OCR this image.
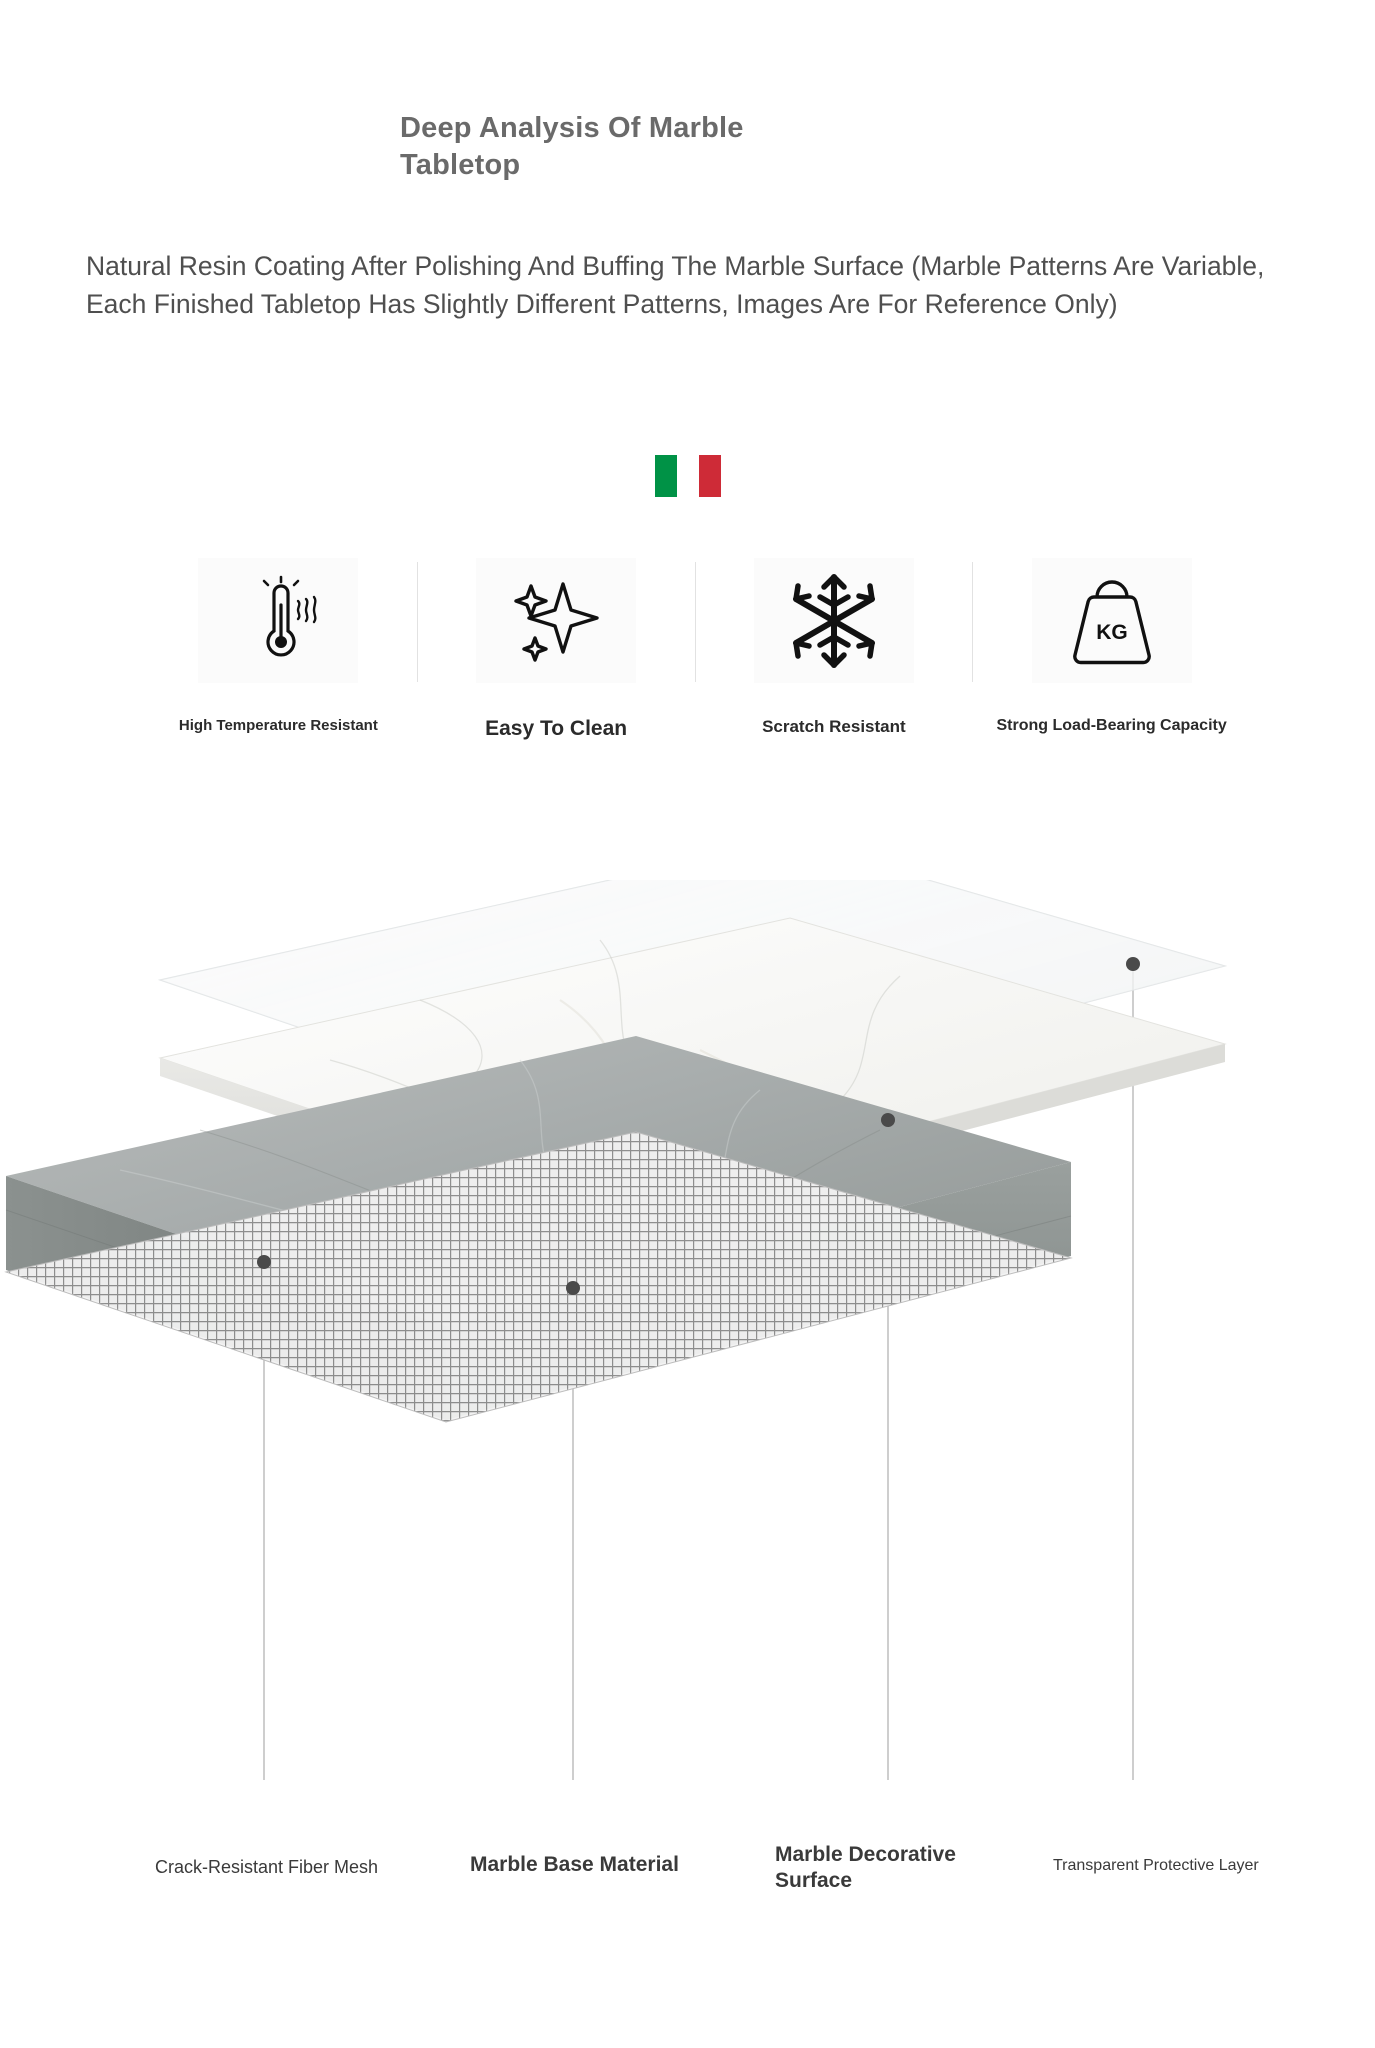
Deep Analysis Of Marble Tabletop
Natural Resin Coating After Polishing And Buffing The Marble Surface (Marble Patterns Are Variable, Each Finished Tabletop Has Slightly Different Patterns, Images Are For Reference Only)
High Temperature Resistant	Easy To Clean	Scratch Resistant
KG
Strong Load-Bearing Capacity
Crack-Resistant Fiber Mesh	Marble Base Material	Marble Decorative Surface
Transparent Protective Layer
